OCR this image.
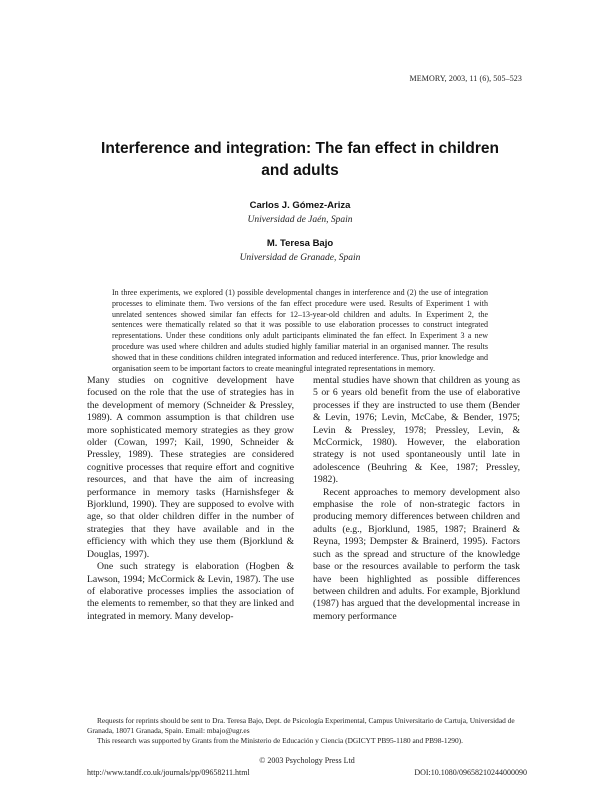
MEMORY, 2003, 11 (6), 505–523
Interference and integration: The fan effect in children
and adults
Carlos J. Gómez-Ariza
Universidad de Jaén, Spain
M. Teresa Bajo
Universidad de Granade, Spain
In three experiments, we explored (1) possible developmental changes in interference and (2) the use of integration processes to eliminate them. Two versions of the fan effect procedure were used. Results of Experiment 1 with unrelated sentences showed similar fan effects for 12–13-year-old children and adults. In Experiment 2, the sentences were thematically related so that it was possible to use elaboration processes to construct integrated representations. Under these conditions only adult participants eliminated the fan effect. In Experiment 3 a new procedure was used where children and adults studied highly familiar material in an organised manner. The results showed that in these conditions children integrated information and reduced interference. Thus, prior knowledge and organisation seem to be important factors to create meaningful integrated representations in memory.

Many studies on cognitive development have focused on the role that the use of strategies has in the development of memory (Schneider & Pressley, 1989). A common assumption is that children use more sophisticated memory strategies as they grow older (Cowan, 1997; Kail, 1990, Schneider & Pressley, 1989). These strategies are considered cognitive processes that require effort and cognitive resources, and that have the aim of increasing performance in memory tasks (Harnishsfeger & Bjorklund, 1990). They are supposed to evolve with age, so that older children differ in the number of strategies that they have available and in the efficiency with which they use them (Bjorklund & Douglas, 1997).

One such strategy is elaboration (Hogben & Lawson, 1994; McCormick & Levin, 1987). The use of elaborative processes implies the association of the elements to remember, so that they are linked and integrated in memory. Many develop-

mental studies have shown that children as young as 5 or 6 years old benefit from the use of elaborative processes if they are instructed to use them (Bender & Levin, 1976; Levin, McCabe, & Bender, 1975; Levin & Pressley, 1978; Pressley, Levin, & McCormick, 1980). However, the elaboration strategy is not used spontaneously until late in adolescence (Beuhring & Kee, 1987; Pressley, 1982).

Recent approaches to memory development also emphasise the role of non-strategic factors in producing memory differences between children and adults (e.g., Bjorklund, 1985, 1987; Brainerd & Reyna, 1993; Dempster & Brainerd, 1995). Factors such as the spread and structure of the knowledge base or the resources available to perform the task have been highlighted as possible differences between children and adults. For example, Bjorklund (1987) has argued that the developmental increase in memory performance

Requests for reprints should be sent to Dra. Teresa Bajo, Dept. de Psicología Experimental, Campus Universitario de Cartuja, Universidad de Granada, 18071 Granada, Spain. Email: mbajo@ugr.es
This research was supported by Grants from the Ministerio de Educación y Ciencia (DGICYT PB95-1180 and PB98-1290).
© 2003 Psychology Press Ltd
http://www.tandf.co.uk/journals/pp/09658211.html	DOI:10.1080/09658210244000090
